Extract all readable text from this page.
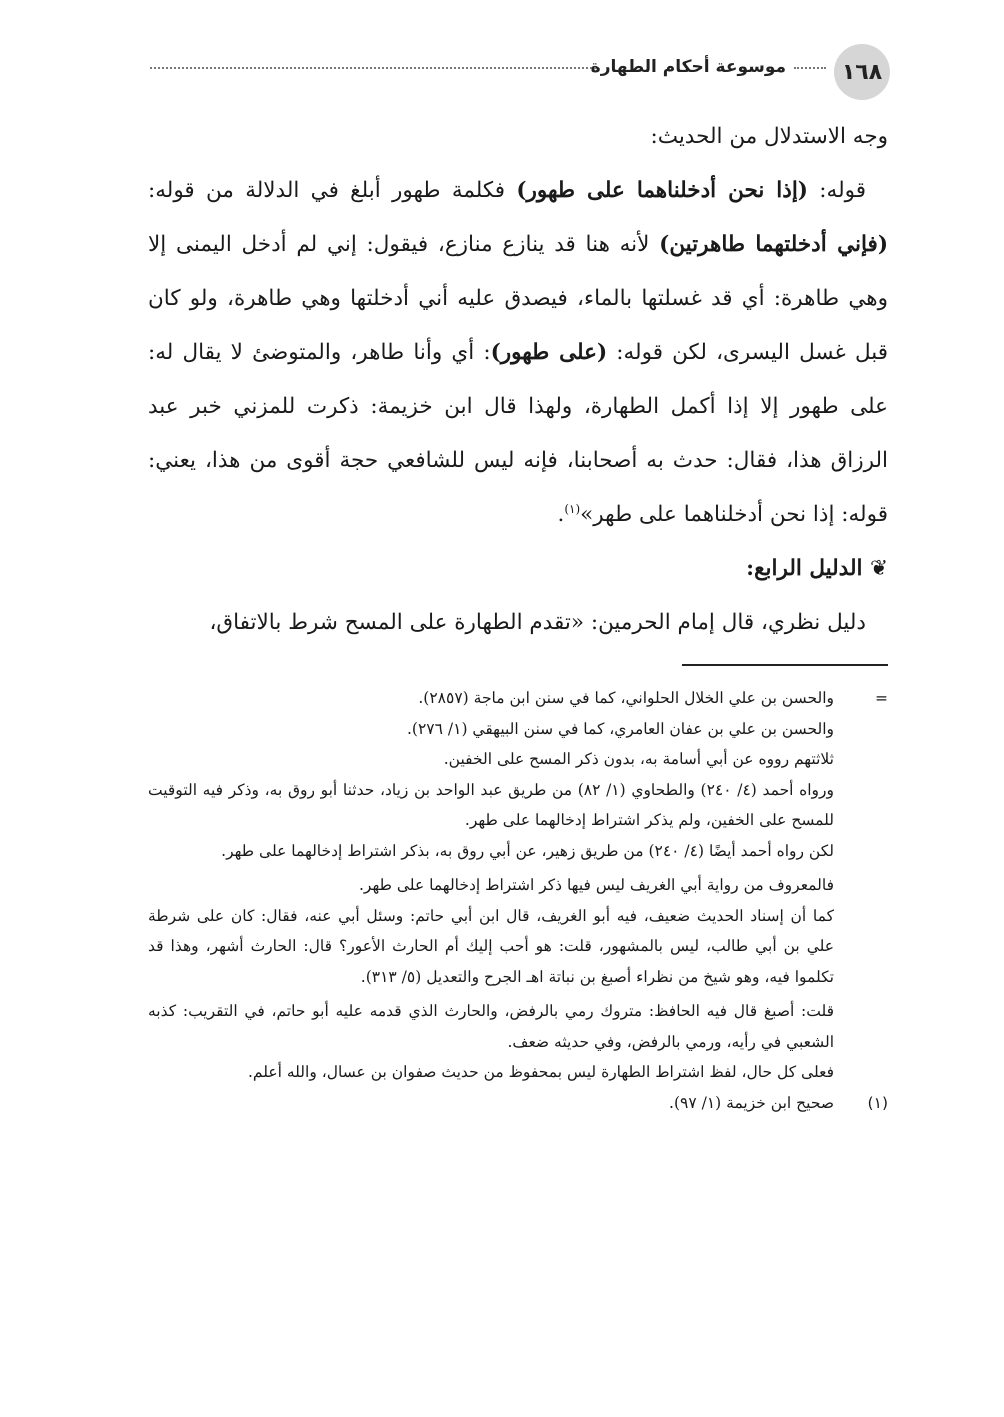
١٦٨
موسوعة أحكام الطهارة

وجه الاستدلال من الحديث:

قوله: (إذا نحن أدخلناهما على طهور) فكلمة طهور أبلغ في الدلالة من قوله: (فإني أدخلتهما طاهرتين) لأنه هنا قد ينازع منازع، فيقول: إني لم أدخل اليمنى إلا وهي طاهرة: أي قد غسلتها بالماء، فيصدق عليه أني أدخلتها وهي طاهرة، ولو كان قبل غسل اليسرى، لكن قوله: (على طهور): أي وأنا طاهر، والمتوضئ لا يقال له: على طهور إلا إذا أكمل الطهارة، ولهذا قال ابن خزيمة: ذكرت للمزني خبر عبد الرزاق هذا، فقال: حدث به أصحابنا، فإنه ليس للشافعي حجة أقوى من هذا، يعني: قوله: إذا نحن أدخلناهما على طهر»$^{(١)}$.

❦ الدليل الرابع:

دليل نظري، قال إمام الحرمين: «تقدم الطهارة على المسح شرط بالاتفاق،

=
والحسن بن علي الخلال الحلواني، كما في سنن ابن ماجة (٢٨٥٧).

والحسن بن علي بن عفان العامري، كما في سنن البيهقي (١/ ٢٧٦).

ثلاثتهم رووه عن أبي أسامة به، بدون ذكر المسح على الخفين.

ورواه أحمد (٤/ ٢٤٠) والطحاوي (١/ ٨٢) من طريق عبد الواحد بن زياد، حدثنا أبو روق به، وذكر فيه التوقيت للمسح على الخفين، ولم يذكر اشتراط إدخالهما على طهر.

لكن رواه أحمد أيضًا (٤/ ٢٤٠) من طريق زهير، عن أبي روق به، بذكر اشتراط إدخالهما على طهر.

فالمعروف من رواية أبي الغريف ليس فيها ذكر اشتراط إدخالهما على طهر.

كما أن إسناد الحديث ضعيف، فيه أبو الغريف، قال ابن أبي حاتم: وسئل أبي عنه، فقال: كان على شرطة علي بن أبي طالب، ليس بالمشهور، قلت: هو أحب إليك أم الحارث الأعور؟ قال: الحارث أشهر، وهذا قد تكلموا فيه، وهو شيخ من نظراء أصبغ بن نباتة اهـ الجرح والتعديل (٥/ ٣١٣).

قلت: أصبغ قال فيه الحافظ: متروك رمي بالرفض، والحارث الذي قدمه عليه أبو حاتم، في التقريب: كذبه الشعبي في رأيه، ورمي بالرفض، وفي حديثه ضعف.

فعلى كل حال، لفظ اشتراط الطهارة ليس بمحفوظ من حديث صفوان بن عسال، والله أعلم.

(١)
صحيح ابن خزيمة (١/ ٩٧).
